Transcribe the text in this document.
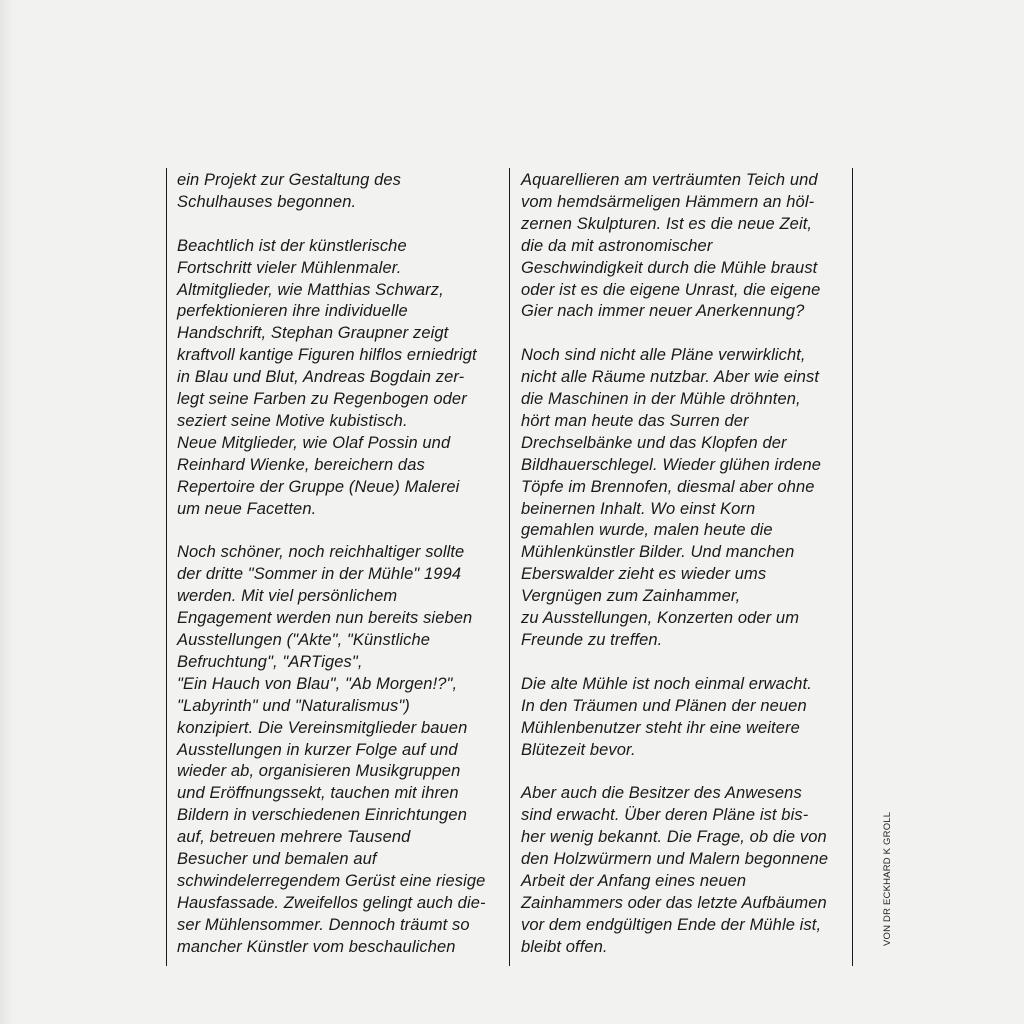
ein Projekt zur Gestaltung des
Schulhauses begonnen.
Beachtlich ist der künstlerische
Fortschritt vieler Mühlenmaler.
Altmitglieder, wie Matthias Schwarz,
perfektionieren ihre individuelle
Handschrift, Stephan Graupner zeigt
kraftvoll kantige Figuren hilflos erniedrigt
in Blau und Blut, Andreas Bogdain zer-
legt seine Farben zu Regenbogen oder
seziert seine Motive kubistisch.
Neue Mitglieder, wie Olaf Possin und
Reinhard Wienke, bereichern das
Repertoire der Gruppe (Neue) Malerei
um neue Facetten.
Noch schöner, noch reichhaltiger sollte
der dritte "Sommer in der Mühle" 1994
werden. Mit viel persönlichem
Engagement werden nun bereits sieben
Ausstellungen ("Akte", "Künstliche
Befruchtung", "ARTiges",
"Ein Hauch von Blau", "Ab Morgen!?",
"Labyrinth" und "Naturalismus")
konzipiert. Die Vereinsmitglieder bauen
Ausstellungen in kurzer Folge auf und
wieder ab, organisieren Musikgruppen
und Eröffnungssekt, tauchen mit ihren
Bildern in verschiedenen Einrichtungen
auf, betreuen mehrere Tausend
Besucher und bemalen auf
schwindelerregendem Gerüst eine riesige
Hausfassade. Zweifellos gelingt auch die-
ser Mühlensommer. Dennoch träumt so
mancher Künstler vom beschaulichen
Aquarellieren am verträumten Teich und
vom hemdsärmeligen Hämmern an höl-
zernen Skulpturen. Ist es die neue Zeit,
die da mit astronomischer
Geschwindigkeit durch die Mühle braust
oder ist es die eigene Unrast, die eigene
Gier nach immer neuer Anerkennung?
Noch sind nicht alle Pläne verwirklicht,
nicht alle Räume nutzbar. Aber wie einst
die Maschinen in der Mühle dröhnten,
hört man heute das Surren der
Drechselbänke und das Klopfen der
Bildhauerschlegel. Wieder glühen irdene
Töpfe im Brennofen, diesmal aber ohne
beinernen Inhalt. Wo einst Korn
gemahlen wurde, malen heute die
Mühlenkünstler Bilder. Und manchen
Eberswalder zieht es wieder ums
Vergnügen zum Zainhammer,
zu Ausstellungen, Konzerten oder um
Freunde zu treffen.
Die alte Mühle ist noch einmal erwacht.
In den Träumen und Plänen der neuen
Mühlenbenutzer steht ihr eine weitere
Blütezeit bevor.
Aber auch die Besitzer des Anwesens
sind erwacht. Über deren Pläne ist bis-
her wenig bekannt. Die Frage, ob die von
den Holzwürmern und Malern begonnene
Arbeit der Anfang eines neuen
Zainhammers oder das letzte Aufbäumen
vor dem endgültigen Ende der Mühle ist,
bleibt offen.
VON DR ECKHARD K GROLL
